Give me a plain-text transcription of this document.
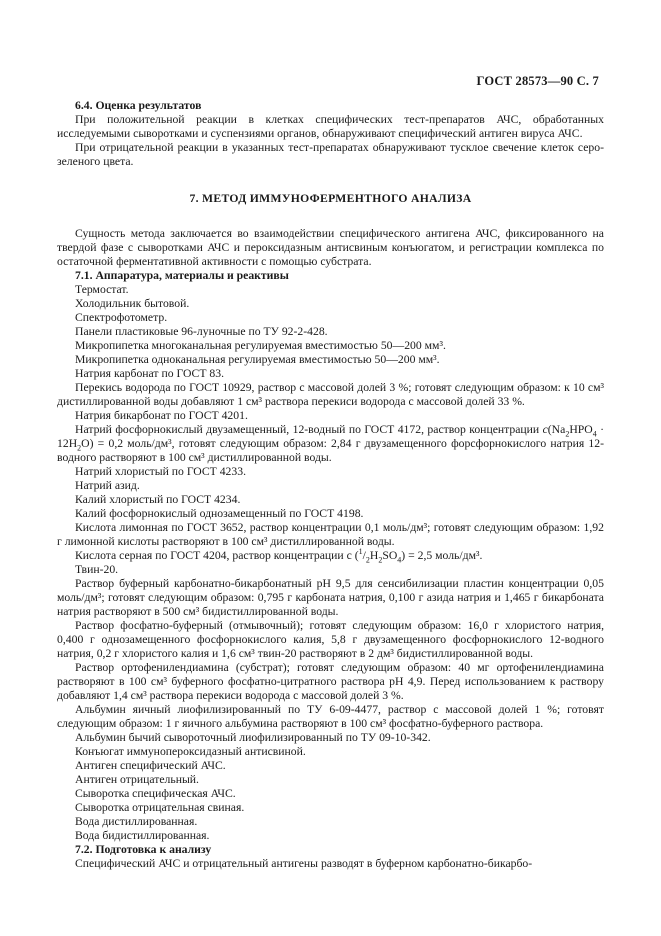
ГОСТ 28573—90 С. 7

6.4. Оценка результатов

При положительной реакции в клетках специфических тест-препаратов АЧС, обработанных исследуемыми сыворотками и суспензиями органов, обнаруживают специфический антиген вируса АЧС.

При отрицательной реакции в указанных тест-препаратах обнаруживают тусклое свечение клеток серо-зеленого цвета.

7. МЕТОД ИММУНОФЕРМЕНТНОГО АНАЛИЗА

Сущность метода заключается во взаимодействии специфического антигена АЧС, фиксированного на твердой фазе с сыворотками АЧС и пероксидазным антисвиным конъюгатом, и регистрации комплекса по остаточной ферментативной активности с помощью субстрата.

7.1. Аппаратура, материалы и реактивы

Термостат.

Холодильник бытовой.

Спектрофотометр.

Панели пластиковые 96-луночные по ТУ 92-2-428.

Микропипетка многоканальная регулируемая вместимостью 50—200 мм³.

Микропипетка одноканальная регулируемая вместимостью 50—200 мм³.

Натрия карбонат по ГОСТ 83.

Перекись водорода по ГОСТ 10929, раствор с массовой долей 3 %; готовят следующим образом: к 10 см³ дистиллированной воды добавляют 1 см³ раствора перекиси водорода с массовой долей 33 %.

Натрия бикарбонат по ГОСТ 4201.

Натрий фосфорнокислый двузамещенный, 12-водный по ГОСТ 4172, раствор концентрации $c(Na_2HPO_4 \cdot 12H_2O) = 0,2$ моль/дм³, готовят следующим образом: 2,84 г двузамещенного форсфорнокислого натрия 12-водного растворяют в 100 см³ дистиллированной воды.

Натрий хлористый по ГОСТ 4233.

Натрий азид.

Калий хлористый по ГОСТ 4234.

Калий фосфорнокислый однозамещенный по ГОСТ 4198.

Кислота лимонная по ГОСТ 3652, раствор концентрации 0,1 моль/дм³; готовят следующим образом: 1,92 г лимонной кислоты растворяют в 100 см³ дистиллированной воды.

Кислота серная по ГОСТ 4204, раствор концентрации с $(^1/_2H_2SO_4) = 2,5$ моль/дм³.

Твин-20.

Раствор буферный карбонатно-бикарбонатный рН 9,5 для сенсибилизации пластин концентрации 0,05 моль/дм³; готовят следующим образом: 0,795 г карбоната натрия, 0,100 г азида натрия и 1,465 г бикарбоната натрия растворяют в 500 см³ бидистиллированной воды.

Раствор фосфатно-буферный (отмывочный); готовят следующим образом: 16,0 г хлористого натрия, 0,400 г однозамещенного фосфорнокислого калия, 5,8 г двузамещенного фосфорнокислого 12-водного натрия, 0,2 г хлористого калия и 1,6 см³ твин-20 растворяют в 2 дм³ бидистиллированной воды.

Раствор ортофенилендиамина (субстрат); готовят следующим образом: 40 мг ортофенилендиамина растворяют в 100 см³ буферного фосфатно-цитратного раствора рН 4,9. Перед использованием к раствору добавляют 1,4 см³ раствора перекиси водорода с массовой долей 3 %.

Альбумин яичный лиофилизированный по ТУ 6-09-4477, раствор с массовой долей 1 %; готовят следующим образом: 1 г яичного альбумина растворяют в 100 см³ фосфатно-буферного раствора.

Альбумин бычий сывороточный лиофилизированный по ТУ 09-10-342.

Конъюгат иммунопероксидазный антисвиной.

Антиген специфический АЧС.

Антиген отрицательный.

Сыворотка специфическая АЧС.

Сыворотка отрицательная свиная.

Вода дистиллированная.

Вода бидистиллированная.

7.2. Подготовка к анализу

Специфический АЧС и отрицательный антигены разводят в буферном карбонатно-бикарбо-
